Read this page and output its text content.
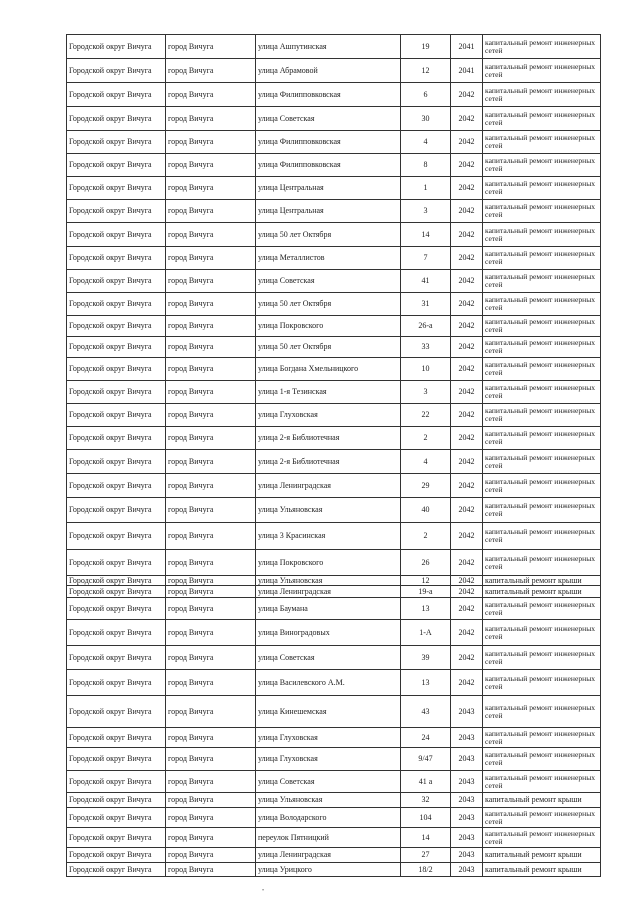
Городской округ Вичуга	город Вичуга	улица Ашпутинская	19	2041	капитальный ремонт инженерных сетей
Городской округ Вичуга	город Вичуга	улица Абрамовой	12	2041	капитальный ремонт инженерных сетей
Городской округ Вичуга	город Вичуга	улица Филипповковская	6	2042	капитальный ремонт инженерных сетей
Городской округ Вичуга	город Вичуга	улица Советская	30	2042	капитальный ремонт инженерных сетей
Городской округ Вичуга	город Вичуга	улица Филипповковская	4	2042	капитальный ремонт инженерных сетей
Городской округ Вичуга	город Вичуга	улица Филипповковская	8	2042	капитальный ремонт инженерных сетей
Городской округ Вичуга	город Вичуга	улица Центральная	1	2042	капитальный ремонт инженерных сетей
Городской округ Вичуга	город Вичуга	улица Центральная	3	2042	капитальный ремонт инженерных сетей
Городской округ Вичуга	город Вичуга	улица 50 лет Октября	14	2042	капитальный ремонт инженерных сетей
Городской округ Вичуга	город Вичуга	улица Металлистов	7	2042	капитальный ремонт инженерных сетей
Городской округ Вичуга	город Вичуга	улица Советская	41	2042	капитальный ремонт инженерных сетей
Городской округ Вичуга	город Вичуга	улица 50 лет Октября	31	2042	капитальный ремонт инженерных сетей
Городской округ Вичуга	город Вичуга	улица Покровского	26-а	2042	капитальный ремонт инженерных сетей
Городской округ Вичуга	город Вичуга	улица 50 лет Октября	33	2042	капитальный ремонт инженерных сетей
Городской округ Вичуга	город Вичуга	улица Богдана Хмельницкого	10	2042	капитальный ремонт инженерных сетей
Городской округ Вичуга	город Вичуга	улица 1-я Тезинская	3	2042	капитальный ремонт инженерных сетей
Городской округ Вичуга	город Вичуга	улица Глуховская	22	2042	капитальный ремонт инженерных сетей
Городской округ Вичуга	город Вичуга	улица 2-я Библиотечная	2	2042	капитальный ремонт инженерных сетей
Городской округ Вичуга	город Вичуга	улица 2-я Библиотечная	4	2042	капитальный ремонт инженерных сетей
Городской округ Вичуга	город Вичуга	улица Ленинградская	29	2042	капитальный ремонт инженерных сетей
Городской округ Вичуга	город Вичуга	улица Ульяновская	40	2042	капитальный ремонт инженерных сетей
Городской округ Вичуга	город Вичуга	улица 3 Красинская	2	2042	капитальный ремонт инженерных сетей
Городской округ Вичуга	город Вичуга	улица Покровского	26	2042	капитальный ремонт инженерных сетей
Городской округ Вичуга	город Вичуга	улица Ульяновская	12	2042	капитальный ремонт крыши
Городской округ Вичуга	город Вичуга	улица Ленинградская	19-а	2042	капитальный ремонт крыши
Городской округ Вичуга	город Вичуга	улица Баумана	13	2042	капитальный ремонт инженерных сетей
Городской округ Вичуга	город Вичуга	улица Виноградовых	1-А	2042	капитальный ремонт инженерных сетей
Городской округ Вичуга	город Вичуга	улица Советская	39	2042	капитальный ремонт инженерных сетей
Городской округ Вичуга	город Вичуга	улица Василевского А.М.	13	2042	капитальный ремонт инженерных сетей
Городской округ Вичуга	город Вичуга	улица Кинешемская	43	2043	капитальный ремонт инженерных сетей
Городской округ Вичуга	город Вичуга	улица Глуховская	24	2043	капитальный ремонт инженерных сетей
Городской округ Вичуга	город Вичуга	улица Глуховская	9/47	2043	капитальный ремонт инженерных сетей
Городской округ Вичуга	город Вичуга	улица Советская	41 а	2043	капитальный ремонт инженерных сетей
Городской округ Вичуга	город Вичуга	улица Ульяновская	32	2043	капитальный ремонт крыши
Городской округ Вичуга	город Вичуга	улица Володарского	104	2043	капитальный ремонт инженерных сетей
Городской округ Вичуга	город Вичуга	переулок Пятницкий	14	2043	капитальный ремонт инженерных сетей
Городской округ Вичуга	город Вичуга	улица Ленинградская	27	2043	капитальный ремонт крыши
Городской округ Вичуга	город Вичуга	улица Урицкого	18/2	2043	капитальный ремонт крыши
•
